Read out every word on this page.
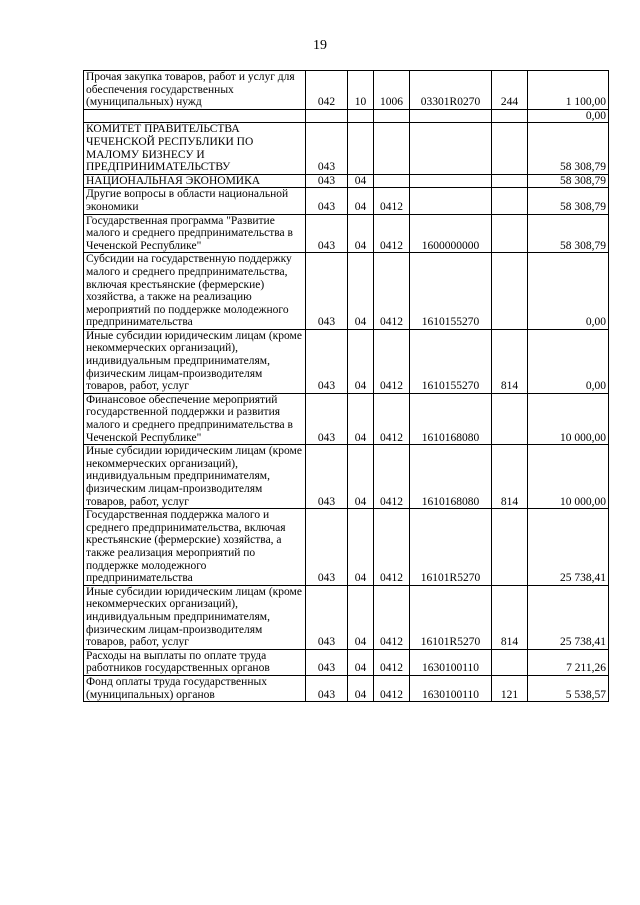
19
Прочая закупка товаров, работ и услуг для обеспечения государственных (муниципальных) нужд	042	10	1006	03301R0270	244	1 100,00
						0,00
КОМИТЕТ ПРАВИТЕЛЬСТВА ЧЕЧЕНСКОЙ РЕСПУБЛИКИ ПО МАЛОМУ БИЗНЕСУ И ПРЕДПРИНИМАТЕЛЬСТВУ	043					58 308,79
НАЦИОНАЛЬНАЯ ЭКОНОМИКА	043	04				58 308,79
Другие вопросы в области национальной экономики	043	04	0412			58 308,79
Государственная программа "Развитие малого и среднего предпринимательства в Чеченской Республике"	043	04	0412	1600000000		58 308,79
Субсидии на государственную поддержку малого и среднего предпринимательства, включая крестьянские (фермерские) хозяйства, а также на реализацию мероприятий по поддержке молодежного предпринимательства	043	04	0412	1610155270		0,00
Иные субсидии юридическим лицам (кроме некоммерческих организаций), индивидуальным предпринимателям, физическим лицам-производителям товаров, работ, услуг	043	04	0412	1610155270	814	0,00
Финансовое обеспечение мероприятий государственной поддержки и развития малого и среднего предпринимательства в Чеченской Республике"	043	04	0412	1610168080		10 000,00
Иные субсидии юридическим лицам (кроме некоммерческих организаций), индивидуальным предпринимателям, физическим лицам-производителям товаров, работ, услуг	043	04	0412	1610168080	814	10 000,00
Государственная поддержка малого и среднего предпринимательства, включая крестьянские (фермерские) хозяйства, а также реализация мероприятий по поддержке молодежного предпринимательства	043	04	0412	16101R5270		25 738,41
Иные субсидии юридическим лицам (кроме некоммерческих организаций), индивидуальным предпринимателям, физическим лицам-производителям товаров, работ, услуг	043	04	0412	16101R5270	814	25 738,41
Расходы на выплаты по оплате труда работников государственных органов	043	04	0412	1630100110		7 211,26
Фонд оплаты труда государственных (муниципальных) органов	043	04	0412	1630100110	121	5 538,57
